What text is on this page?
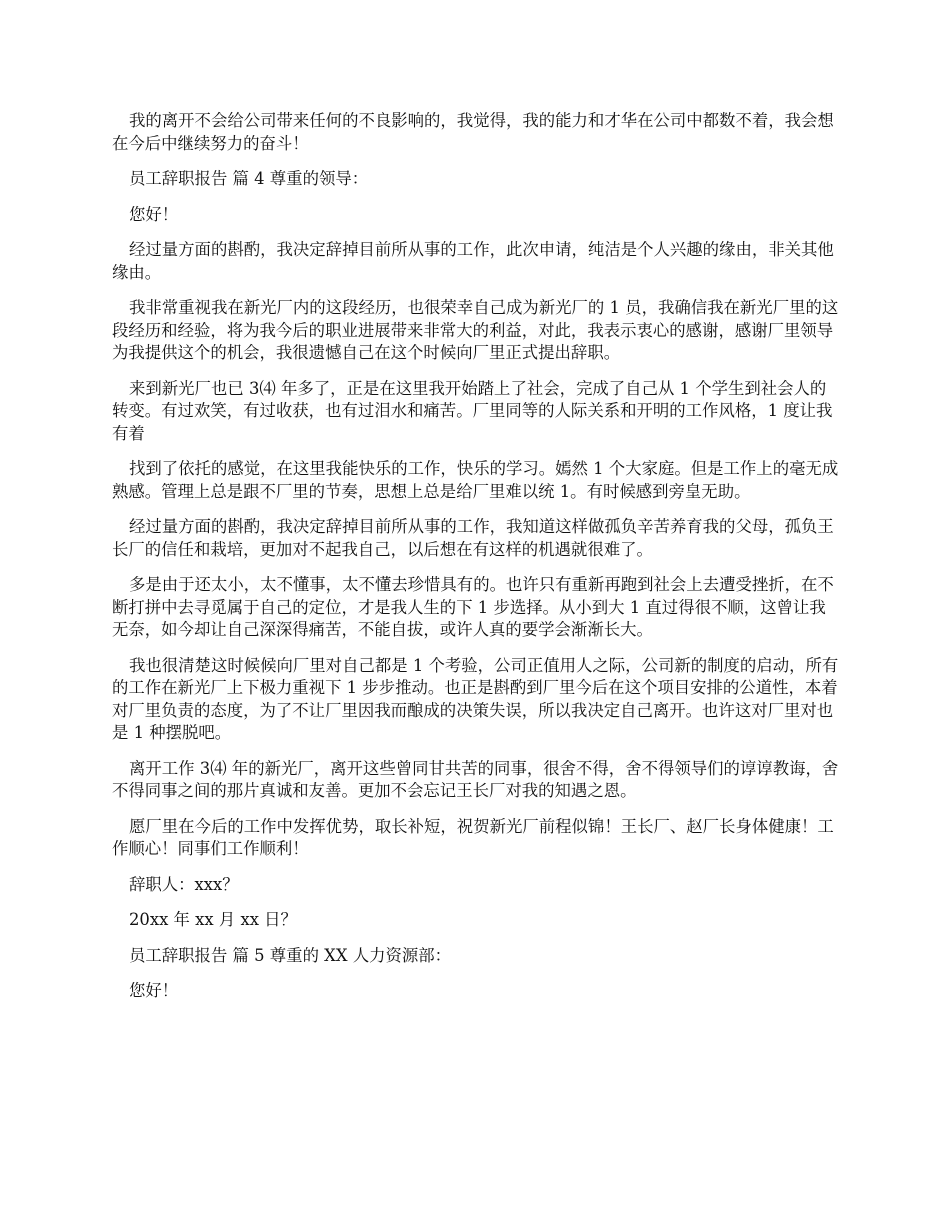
我的离开不会给公司带来任何的不良影响的，我觉得，我的能力和才华在公司中都数不着，我会想在今后中继续努力的奋斗！

员工辞职报告 篇 4 尊重的领导：

您好！

经过量方面的斟酌，我决定辞掉目前所从事的工作，此次申请，纯洁是个人兴趣的缘由，非关其他缘由。

我非常重视我在新光厂内的这段经历，也很荣幸自己成为新光厂的 1 员，我确信我在新光厂里的这段经历和经验，将为我今后的职业进展带来非常大的利益，对此，我表示衷心的感谢，感谢厂里领导为我提供这个的机会，我很遗憾自己在这个时候向厂里正式提出辞职。

来到新光厂也已 3⑷ 年多了，正是在这里我开始踏上了社会，完成了自己从 1 个学生到社会人的转变。有过欢笑，有过收获，也有过泪水和痛苦。厂里同等的人际关系和开明的工作风格，1 度让我有着

找到了依托的感觉，在这里我能快乐的工作，快乐的学习。嫣然 1 个大家庭。但是工作上的毫无成熟感。管理上总是跟不厂里的节奏，思想上总是给厂里难以统 1。有时候感到旁皇无助。

经过量方面的斟酌，我决定辞掉目前所从事的工作，我知道这样做孤负辛苦养育我的父母，孤负王长厂的信任和栽培，更加对不起我自己，以后想在有这样的机遇就很难了。

多是由于还太小，太不懂事，太不懂去珍惜具有的。也许只有重新再跑到社会上去遭受挫折，在不断打拼中去寻觅属于自己的定位，才是我人生的下 1 步选择。从小到大 1 直过得很不顺，这曾让我无奈，如今却让自己深深得痛苦，不能自拔，或许人真的要学会渐渐长大。

我也很清楚这时候候向厂里对自己都是 1 个考验，公司正值用人之际，公司新的制度的启动，所有的工作在新光厂上下极力重视下 1 步步推动。也正是斟酌到厂里今后在这个项目安排的公道性，本着对厂里负责的态度，为了不让厂里因我而酿成的决策失误，所以我决定自己离开。也许这对厂里对也是 1 种摆脱吧。

离开工作 3⑷ 年的新光厂，离开这些曾同甘共苦的同事，很舍不得，舍不得领导们的谆谆教诲，舍不得同事之间的那片真诚和友善。更加不会忘记王长厂对我的知遇之恩。

愿厂里在今后的工作中发挥优势，取长补短，祝贺新光厂前程似锦！王长厂、赵厂长身体健康！工作顺心！同事们工作顺利！

辞职人：xxx？

20xx 年 xx 月 xx 日？

员工辞职报告 篇 5 尊重的 XX 人力资源部：

您好！
